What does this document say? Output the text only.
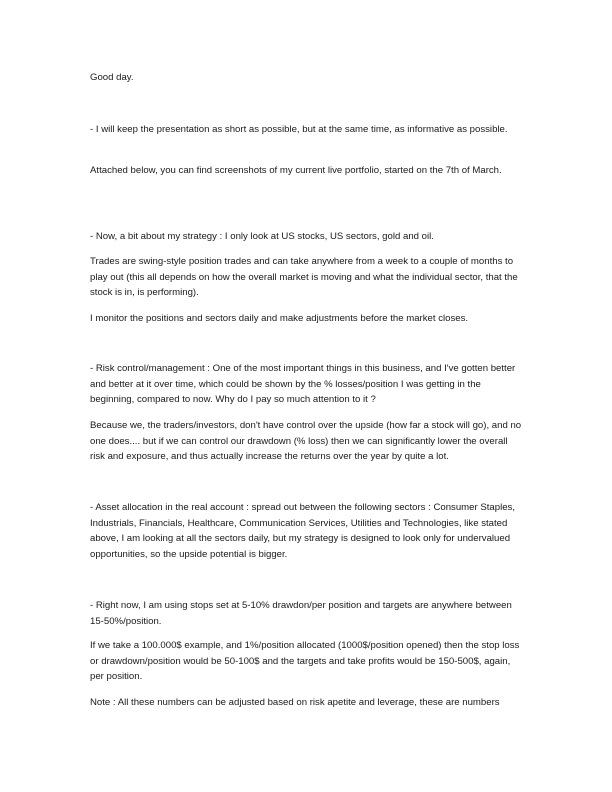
Good day.

- I will keep the presentation as short as possible, but at the same time, as informative as possible.

Attached below, you can find screenshots of my current live portfolio, started on the 7th of March.

- Now, a bit about my strategy : I only look at US stocks, US sectors, gold and oil.

Trades are swing-style position trades and can take anywhere from a week to a couple of months to play out (this all depends on how the overall market is moving and what the individual sector, that the stock is in, is performing).

I monitor the positions and sectors daily and make adjustments before the market closes.

- Risk control/management : One of the most important things in this business, and I've gotten better and better at it over time, which could be shown by the % losses/position I was getting in the beginning, compared to now. Why do I pay so much attention to it ?

Because we, the traders/investors, don't have control over the upside (how far a stock will go), and no one does.... but if we can control our drawdown (% loss) then we can significantly lower the overall risk and exposure, and thus actually increase the returns over the year by quite a lot.

- Asset allocation in the real account : spread out between the following sectors : Consumer Staples, Industrials, Financials, Healthcare, Communication Services, Utilities and Technologies, like stated above, I am looking at all the sectors daily, but my strategy is designed to look only for undervalued opportunities, so the upside potential is bigger.

- Right now, I am using stops set at 5-10% drawdon/per position and targets are anywhere between 15-50%/position.

If we take a 100.000$ example, and 1%/position allocated (1000$/position opened) then the stop loss or drawdown/position would be 50-100$ and the targets and take profits would be 150-500$, again, per position.

Note : All these numbers can be adjusted based on risk apetite and leverage, these are numbers
